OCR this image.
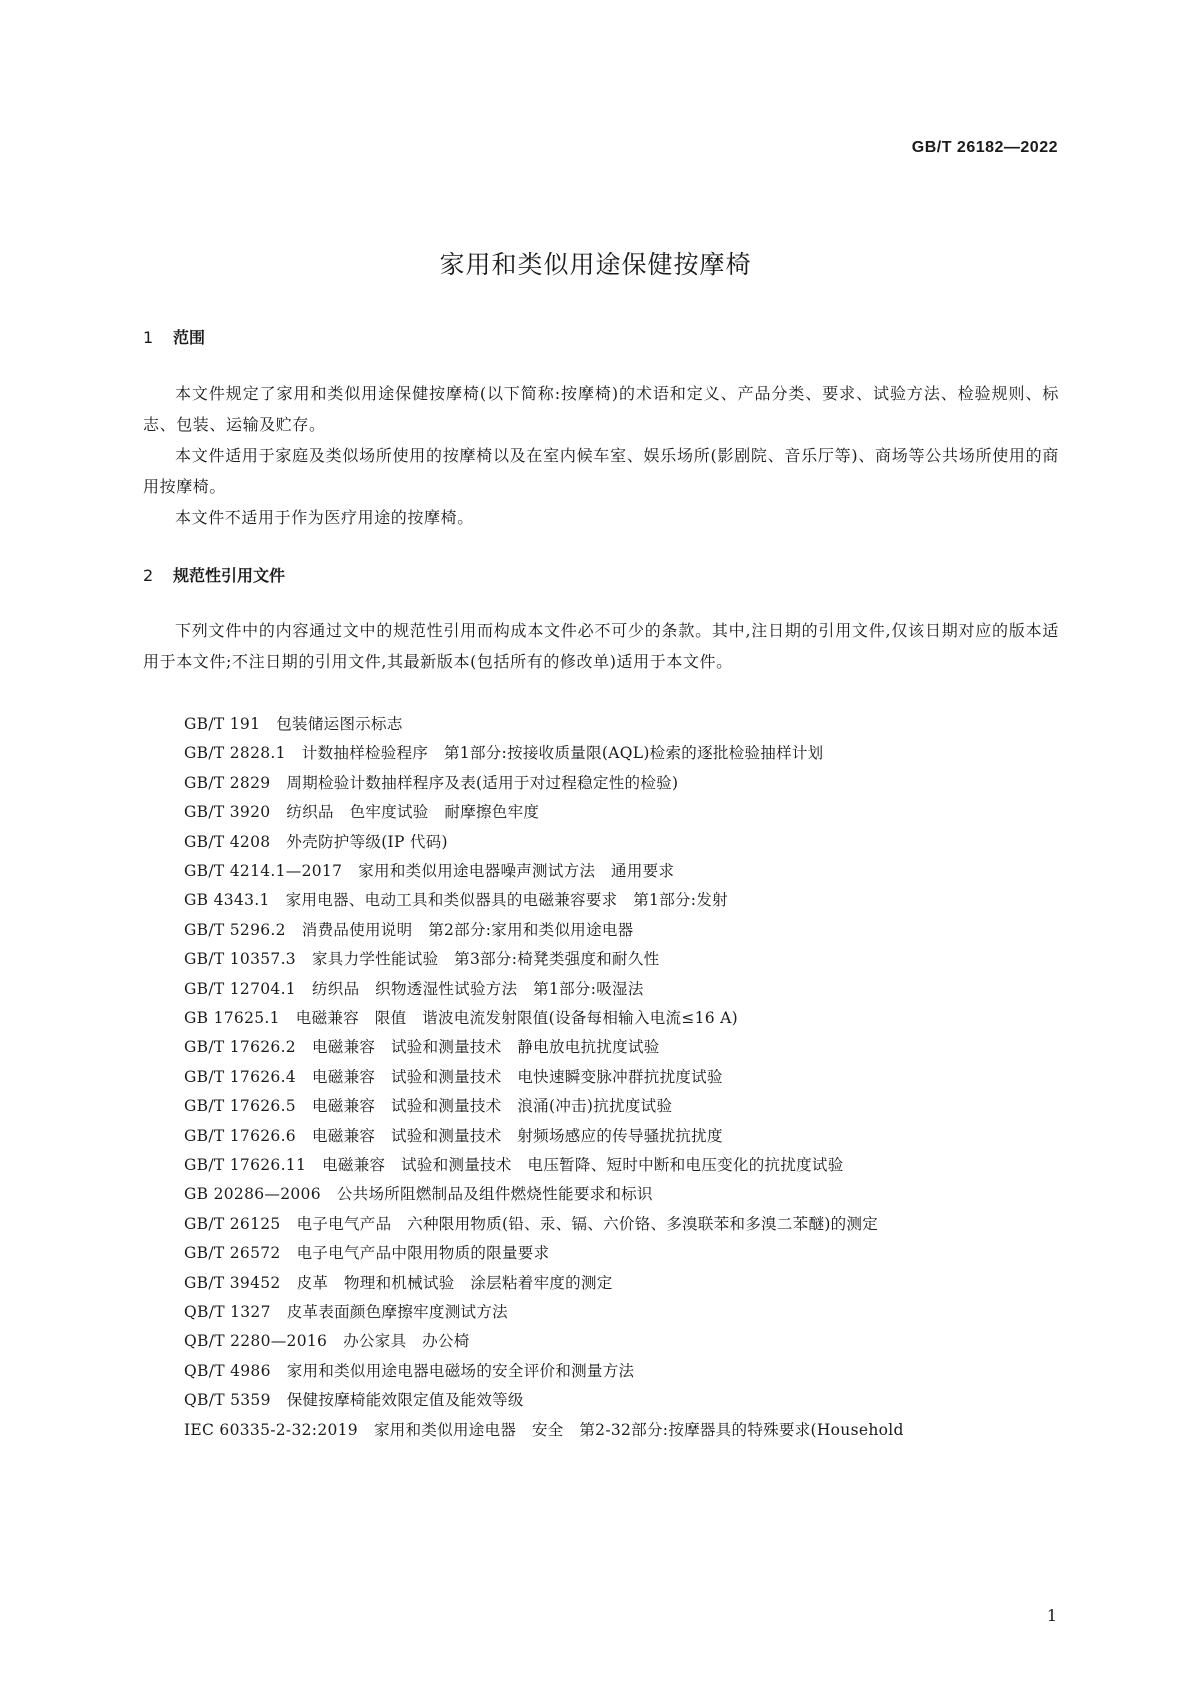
GB/T 26182—2022
家用和类似用途保健按摩椅
1 范围
本文件规定了家用和类似用途保健按摩椅(以下简称:按摩椅)的术语和定义、产品分类、要求、试验方法、检验规则、标志、包装、运输及贮存。
本文件适用于家庭及类似场所使用的按摩椅以及在室内候车室、娱乐场所(影剧院、音乐厅等)、商场等公共场所使用的商用按摩椅。
本文件不适用于作为医疗用途的按摩椅。
2 规范性引用文件
下列文件中的内容通过文中的规范性引用而构成本文件必不可少的条款。其中,注日期的引用文件,仅该日期对应的版本适用于本文件;不注日期的引用文件,其最新版本(包括所有的修改单)适用于本文件。
GB/T 191 包装储运图示标志
GB/T 2828.1 计数抽样检验程序　第1部分:按接收质量限(AQL)检索的逐批检验抽样计划
GB/T 2829 周期检验计数抽样程序及表(适用于对过程稳定性的检验)
GB/T 3920 纺织品　色牢度试验　耐摩擦色牢度
GB/T 4208 外壳防护等级(IP 代码)
GB/T 4214.1—2017 家用和类似用途电器噪声测试方法　通用要求
GB 4343.1 家用电器、电动工具和类似器具的电磁兼容要求　第1部分:发射
GB/T 5296.2 消费品使用说明　第2部分:家用和类似用途电器
GB/T 10357.3 家具力学性能试验　第3部分:椅凳类强度和耐久性
GB/T 12704.1 纺织品　织物透湿性试验方法　第1部分:吸湿法
GB 17625.1 电磁兼容　限值　谐波电流发射限值(设备每相输入电流≤16 A)
GB/T 17626.2 电磁兼容　试验和测量技术　静电放电抗扰度试验
GB/T 17626.4 电磁兼容　试验和测量技术　电快速瞬变脉冲群抗扰度试验
GB/T 17626.5 电磁兼容　试验和测量技术　浪涌(冲击)抗扰度试验
GB/T 17626.6 电磁兼容　试验和测量技术　射频场感应的传导骚扰抗扰度
GB/T 17626.11 电磁兼容　试验和测量技术　电压暂降、短时中断和电压变化的抗扰度试验
GB 20286—2006 公共场所阻燃制品及组件燃烧性能要求和标识
GB/T 26125 电子电气产品　六种限用物质(铅、汞、镉、六价铬、多溴联苯和多溴二苯醚)的测定
GB/T 26572 电子电气产品中限用物质的限量要求
GB/T 39452 皮革　物理和机械试验　涂层粘着牢度的测定
QB/T 1327 皮革表面颜色摩擦牢度测试方法
QB/T 2280—2016 办公家具　办公椅
QB/T 4986 家用和类似用途电器电磁场的安全评价和测量方法
QB/T 5359 保健按摩椅能效限定值及能效等级
IEC 60335-2-32:2019 家用和类似用途电器　安全　第2-32部分:按摩器具的特殊要求(Household
1
